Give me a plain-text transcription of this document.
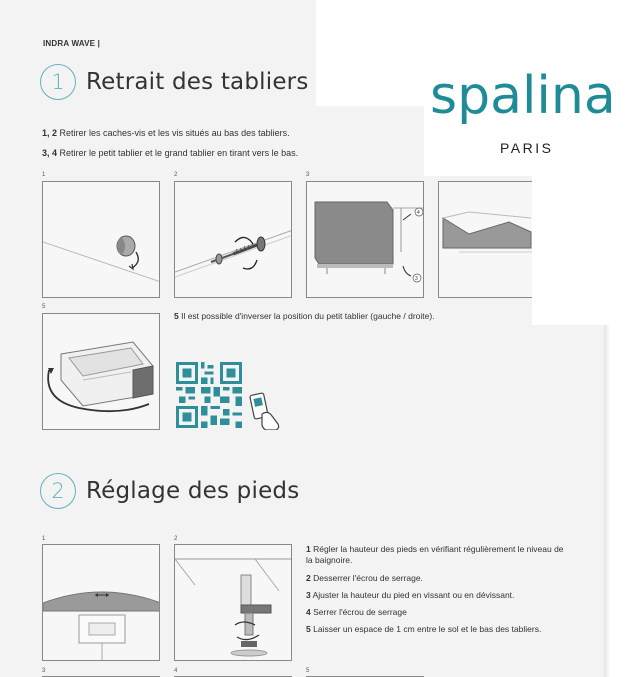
INDRA WAVE |
1 Retrait des tabliers
1, 2 Retirer les caches-vis et les vis situés au bas des tabliers.
3, 4 Retirer le petit tablier et le grand tablier en tirant vers le bas.
1	2	3
4
3
5
5 Il est possible d'inverser la position du petit tablier (gauche / droite).
2 Réglage des pieds
1	2
1 Régler la hauteur des pieds en vérifiant régulièrement le niveau de la baignoire.
2 Desserrer l'écrou de serrage.
3 Ajuster la hauteur du pied en vissant ou en dévissant.
4 Serrer l'écrou de serrage
5 Laisser un espace de 1 cm entre le sol et le bas des tabliers.
3	4	5
spalina
PARIS
